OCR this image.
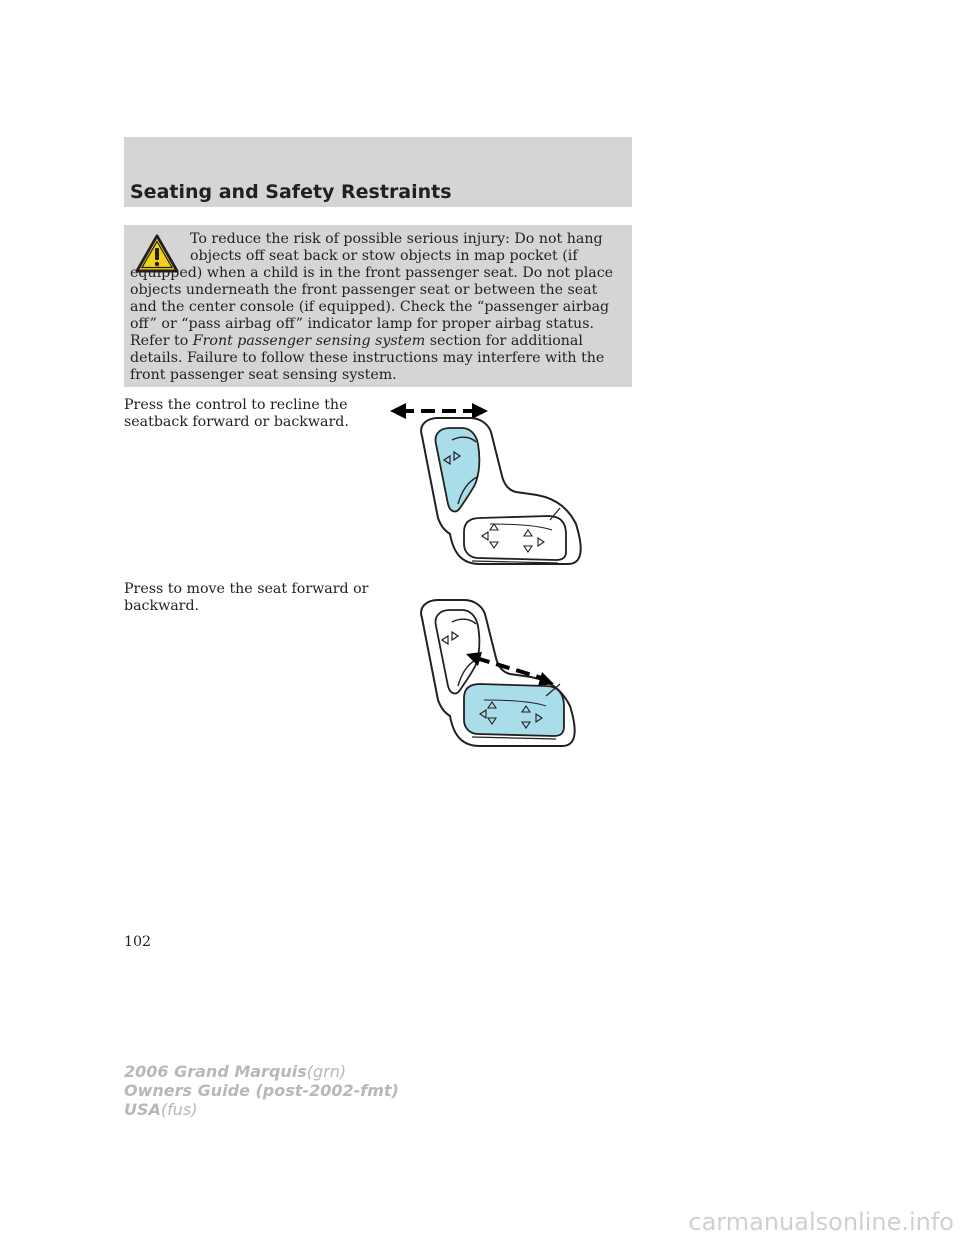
Seating and Safety Restraints

To reduce the risk of possible serious injury: Do not hang objects off seat back or stow objects in map pocket (if equipped) when a child is in the front passenger seat. Do not place objects underneath the front passenger seat or between the seat and the center console (if equipped). Check the “passenger airbag off” or “pass airbag off” indicator lamp for proper airbag status. Refer to Front passenger sensing system section for additional details. Failure to follow these instructions may interfere with the front passenger seat sensing system.

Press the control to recline the seatback forward or backward.

Press to move the seat forward or backward.

102
2006 Grand Marquis(grn)
Owners Guide (post-2002-fmt)
USA(fus)
carmanualsonline.info
